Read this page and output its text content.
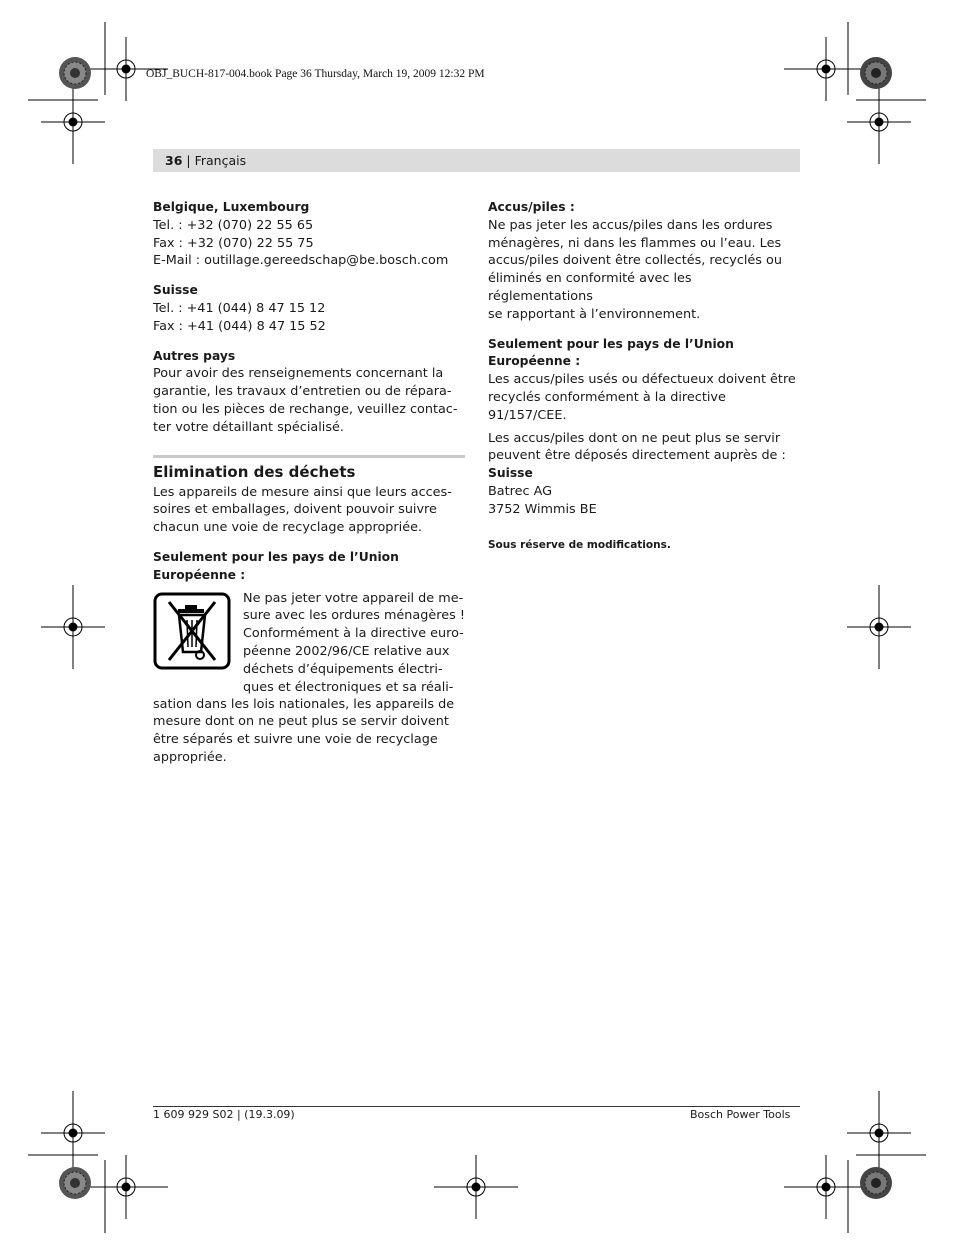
OBJ_BUCH-817-004.book Page 36 Thursday, March 19, 2009 12:32 PM
36 | Français

Belgique, Luxembourg

Tel. : +32 (070) 22 55 65

Fax : +32 (070) 22 55 75

E-Mail : outillage.gereedschap@be.bosch.com

Suisse

Tel. : +41 (044) 8 47 15 12

Fax : +41 (044) 8 47 15 52

Autres pays

Pour avoir des renseignements concernant la

garantie, les travaux d’entretien ou de répara-

tion ou les pièces de rechange, veuillez contac-

ter votre détaillant spécialisé.

Elimination des déchets

Les appareils de mesure ainsi que leurs acces-

soires et emballages, doivent pouvoir suivre

chacun une voie de recyclage appropriée.

Seulement pour les pays de l’Union

Européenne :

Ne pas jeter votre appareil de me-

sure avec les ordures ménagères !

Conformément à la directive euro-

péenne 2002/96/CE relative aux

déchets d’équipements électri-

ques et électroniques et sa réali-

sation dans les lois nationales, les appareils de

mesure dont on ne peut plus se servir doivent

être séparés et suivre une voie de recyclage

appropriée.

Accus/piles :

Ne pas jeter les accus/piles dans les ordures

ménagères, ni dans les flammes ou l’eau. Les

accus/piles doivent être collectés, recyclés ou

éliminés en conformité avec les réglementations

se rapportant à l’environnement.

Seulement pour les pays de l’Union

Européenne :

Les accus/piles usés ou défectueux doivent être

recyclés conformément à la directive

91/157/CEE.

Les accus/piles dont on ne peut plus se servir

peuvent être déposés directement auprès de :

Suisse

Batrec AG

3752 Wimmis BE

Sous réserve de modifications.

1 609 929 S02 | (19.3.09)	Bosch Power Tools
